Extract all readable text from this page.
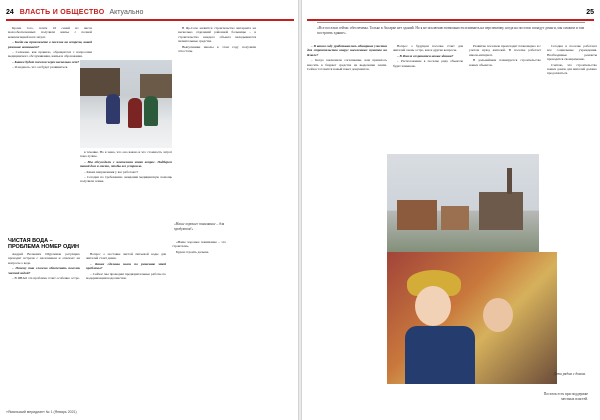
24 ВЛАСТЬ И ОБЩЕСТВО Актуально

Кроме того, почти 16 семей из числа малообеспеченных получили жилье с полной компенсацией всех затрат.

– Когда вы приезжаете в поселок на встречи, какой резонанс возникает?

– Сельчане, как правило, обращаются с вопросами медицинского обслуживания, жилья и образования.

– Каким будет поселок через несколько лет?

– Я надеюсь, что он будет развиваться.

в течение. Но я знаю, что оно важно и что стоимость затрат пока лучше.

– Мы обсуждали с жителями этот вопрос. Подберем такой дом и место, чтобы все устроило.

– Какие направления у вас работают?

– Сегодня по требованию ожидания медицинскую помощь получили семьи.

В Яр-Сале начнётся строительство интерната на несколько отделений районной больницы – в строительство каждого объекта вкладываются значительные средства.

Выпускники школы в этом году получили аттестаты.

ЧИСТАЯ ВОДА –
ПРОБЛЕМА НОМЕР ОДИН

Андрей Волкович Шурлимов регулярно проводит встречи с населением и отвечает на вопросы о воде.

– Почему так сложно обеспечить поселок чистой водой?

– В ЯНАО эта проблема стоит особенно остро.

Вопрос о поставке чистой питьевой воды для жителей стоит давно.

– Какие сделаны шаги по решению этой проблемы?

– Сейчас мы проводим предварительные работы по модернизации водоочистки.

«Наше хорошее понимание – для продуктов!»

«Наше хорошее понимание – это строители».

Будем строить дальше.

«Ямальский меридиан» № 1 (Январь 2021)
25
«Все поселки сейчас обеспечены. Только в Аксарке нет зданий. Но я не исключаю возможности изменить на перспективу, когда на поселок попадут деньги, мы сможем и там построить здание».

– В каком году урабатывались обширные участки для строительства вокруг населенных пунктов на Ямале?

– Когда заключили соглашение, нам пришлось вносить в бюджет средства на выделение земли. Сейчас готовится новый пакет документов.

Вопрос о будущем поселке стоит для жителей очень остро, как и другие вопросы.

– В Ямале сохранятся новые здания?

– Расположение в поселке ряда объектов будет изменено.

Развитие поселков происходит планомерно и с учетом нужд жителей. В поселке работает школа-интернат.

В дальнейшем планируется строительство новых объектов.

Сегодня в поселке работают все социальные учреждения. Необходимые ремонты проводятся своевременно.

Считаю, что строительство новых домов для жителей должно продолжаться.

Дети рядом с домом.
Поселок есть при поддержке местных властей.
